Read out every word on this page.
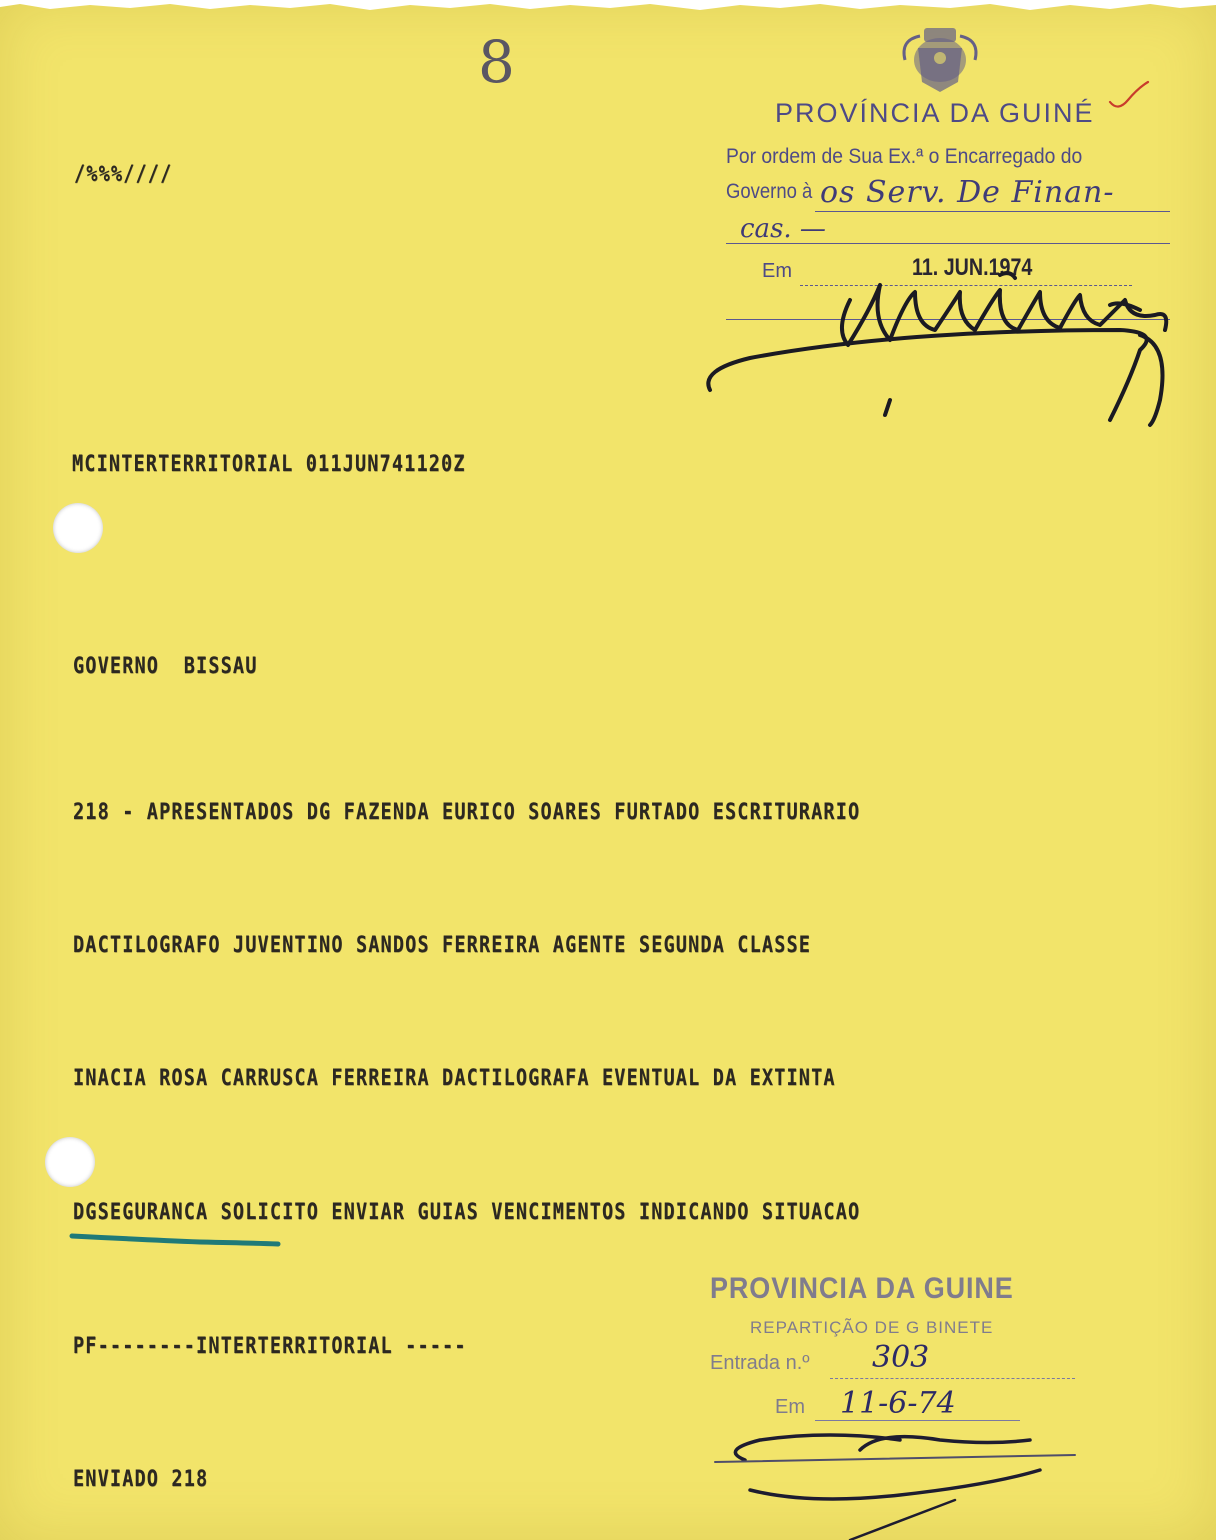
8
/%%%////
PROVÍNCIA DA GUINÉ
Por ordem de Sua Ex.ª o Encarregado do
Governo à os Serv. De Finan-
cas. —
Em	11. JUN.1974
MCINTERTERRITORIAL 011JUN741120Z
GOVERNO  BISSAU
218 - APRESENTADOS DG FAZENDA EURICO SOARES FURTADO ESCRITURARIO
DACTILOGRAFO JUVENTINO SANDOS FERREIRA AGENTE SEGUNDA CLASSE
INACIA ROSA CARRUSCA FERREIRA DACTILOGRAFA EVENTUAL DA EXTINTA
DGSEGURANCA SOLICITO ENVIAR GUIAS VENCIMENTOS INDICANDO SITUACAO
PF--------INTERTERRITORIAL -----
ENVIADO 218
PROVINCIA DA GUINE
REPARTIÇÃO DE G BINETE
Entrada n.º 303
Em 11-6-74
